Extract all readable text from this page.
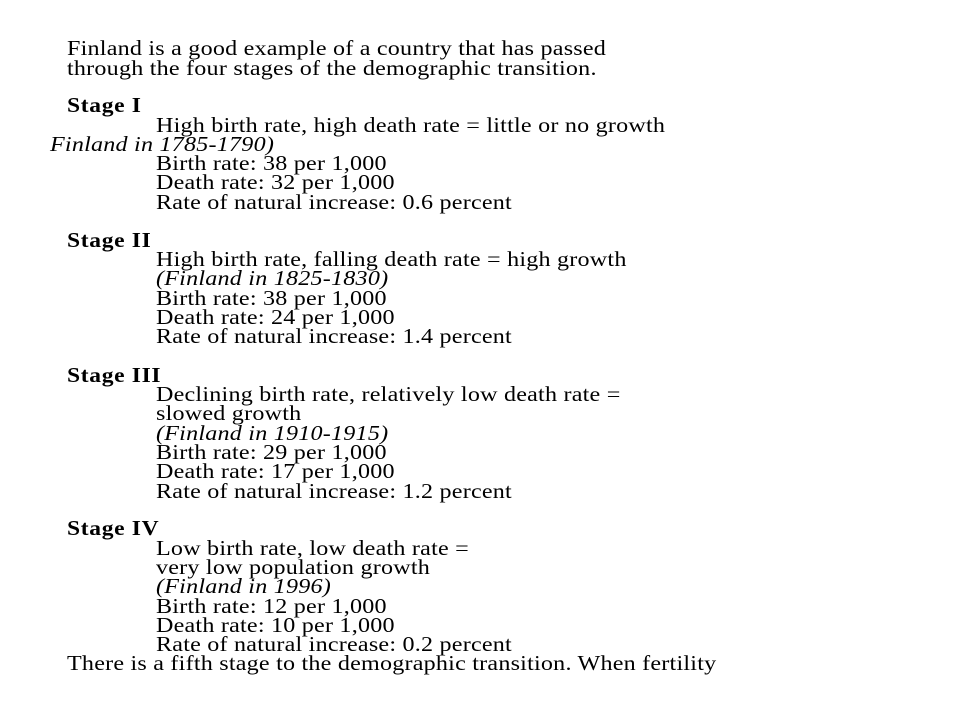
Finland is a good example of a country that has passed
through the four stages of the demographic transition.
Stage I
High birth rate, high death rate = little or no growth
Finland in 1785-1790)
Birth rate: 38 per 1,000
Death rate: 32 per 1,000
Rate of natural increase: 0.6 percent
Stage II
High birth rate, falling death rate = high growth
(Finland in 1825-1830)
Birth rate: 38 per 1,000
Death rate: 24 per 1,000
Rate of natural increase: 1.4 percent
Stage III
Declining birth rate, relatively low death rate =
slowed growth
(Finland in 1910-1915)
Birth rate: 29 per 1,000
Death rate: 17 per 1,000
Rate of natural increase: 1.2 percent
Stage IV
Low birth rate, low death rate =
very low population growth
(Finland in 1996)
Birth rate: 12 per 1,000
Death rate: 10 per 1,000
Rate of natural increase: 0.2 percent
There is a fifth stage to the demographic transition. When fertility
